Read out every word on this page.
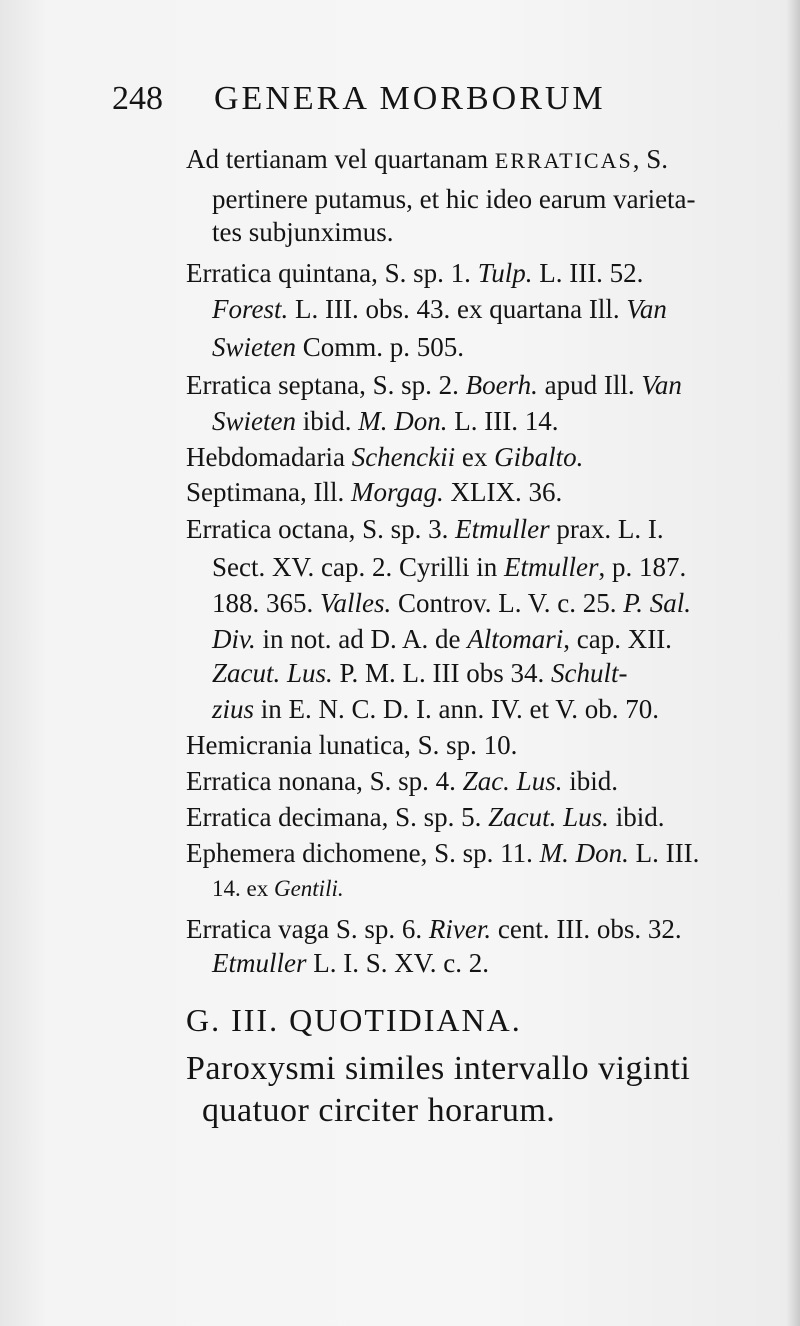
248 GENERA MORBORUM
Ad tertianam vel quartanam ERRATICAS, S.
pertinere putamus, et hic ideo earum varieta-
tes subjunximus.
Erratica quintana, S. sp. 1. Tulp. L. III. 52.
Forest. L. III. obs. 43. ex quartana Ill. Van
Swieten Comm. p. 505.
Erratica septana, S. sp. 2. Boerh. apud Ill. Van
Swieten ibid. M. Don. L. III. 14.
Hebdomadaria Schenckii ex Gibalto.
Septimana, Ill. Morgag. XLIX. 36.
Erratica octana, S. sp. 3. Etmuller prax. L. I.
Sect. XV. cap. 2. Cyrilli in Etmuller, p. 187.
188. 365. Valles. Controv. L. V. c. 25. P. Sal.
Div. in not. ad D. A. de Altomari, cap. XII.
Zacut. Lus. P. M. L. III obs 34. Schult-
zius in E. N. C. D. I. ann. IV. et V. ob. 70.
Hemicrania lunatica, S. sp. 10.
Erratica nonana, S. sp. 4. Zac. Lus. ibid.
Erratica decimana, S. sp. 5. Zacut. Lus. ibid.
Ephemera dichomene, S. sp. 11. M. Don. L. III.
14. ex Gentili.
Erratica vaga S. sp. 6. River. cent. III. obs. 32.
Etmuller L. I. S. XV. c. 2.
G. III. QUOTIDIANA.
Paroxysmi similes intervallo viginti
quatuor circiter horarum.
